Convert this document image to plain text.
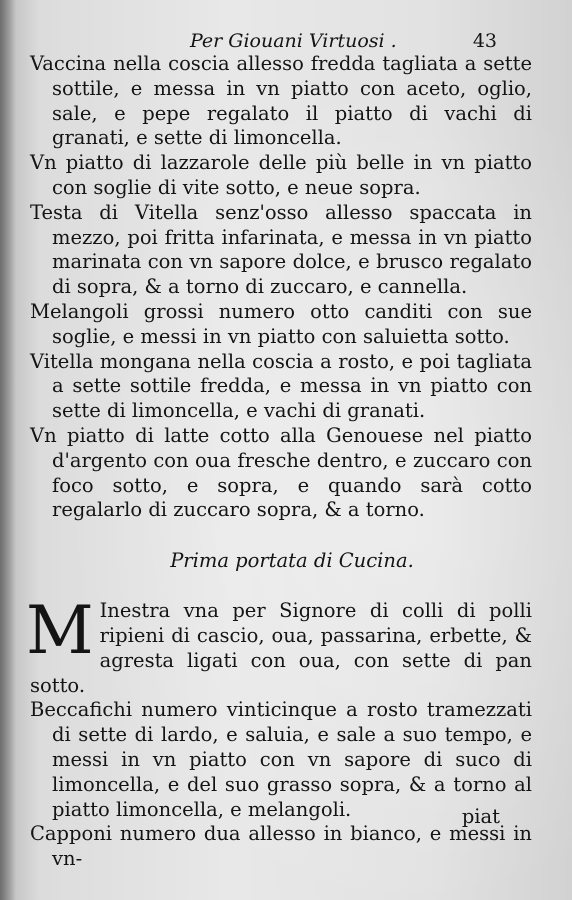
Per Giouani Virtuosi .	43

Vaccina nella coscia allesso fredda tagliata a sette sottile, e messa in vn piatto con aceto, oglio, sale, e pepe regalato il piatto di vachi di granati, e sette di limoncella.

Vn piatto di lazzarole delle più belle in vn piatto con soglie di vite sotto, e neue sopra.

Testa di Vitella senz'osso allesso spaccata in mezzo, poi fritta infarinata, e messa in vn piatto marinata con vn sapore dolce, e brusco regalato di sopra, & a torno di zuccaro, e cannella.

Melangoli grossi numero otto canditi con sue soglie, e messi in vn piatto con saluietta sotto.

Vitella mongana nella coscia a rosto, e poi tagliata a sette sottile fredda, e messa in vn piatto con sette di limoncella, e vachi di granati.

Vn piatto di latte cotto alla Genouese nel piatto d'argento con oua fresche dentro, e zuccaro con foco sotto, e sopra, e quando sarà cotto regalarlo di zuccaro sopra, & a torno.

Prima portata di Cucina.

M Inestra vna per Signore di colli di polli ripieni di cascio, oua, passarina, erbette, & agresta ligati con oua, con sette di pan sotto.

Beccafichi numero vinticinque a rosto tramezzati di sette di lardo, e saluia, e sale a suo tempo, e messi in vn piatto con vn sapore di suco di limoncella, e del suo grasso sopra, & a torno al piatto limoncella, e melangoli.

Capponi numero dua allesso in bianco, e messi in vn-

piat
